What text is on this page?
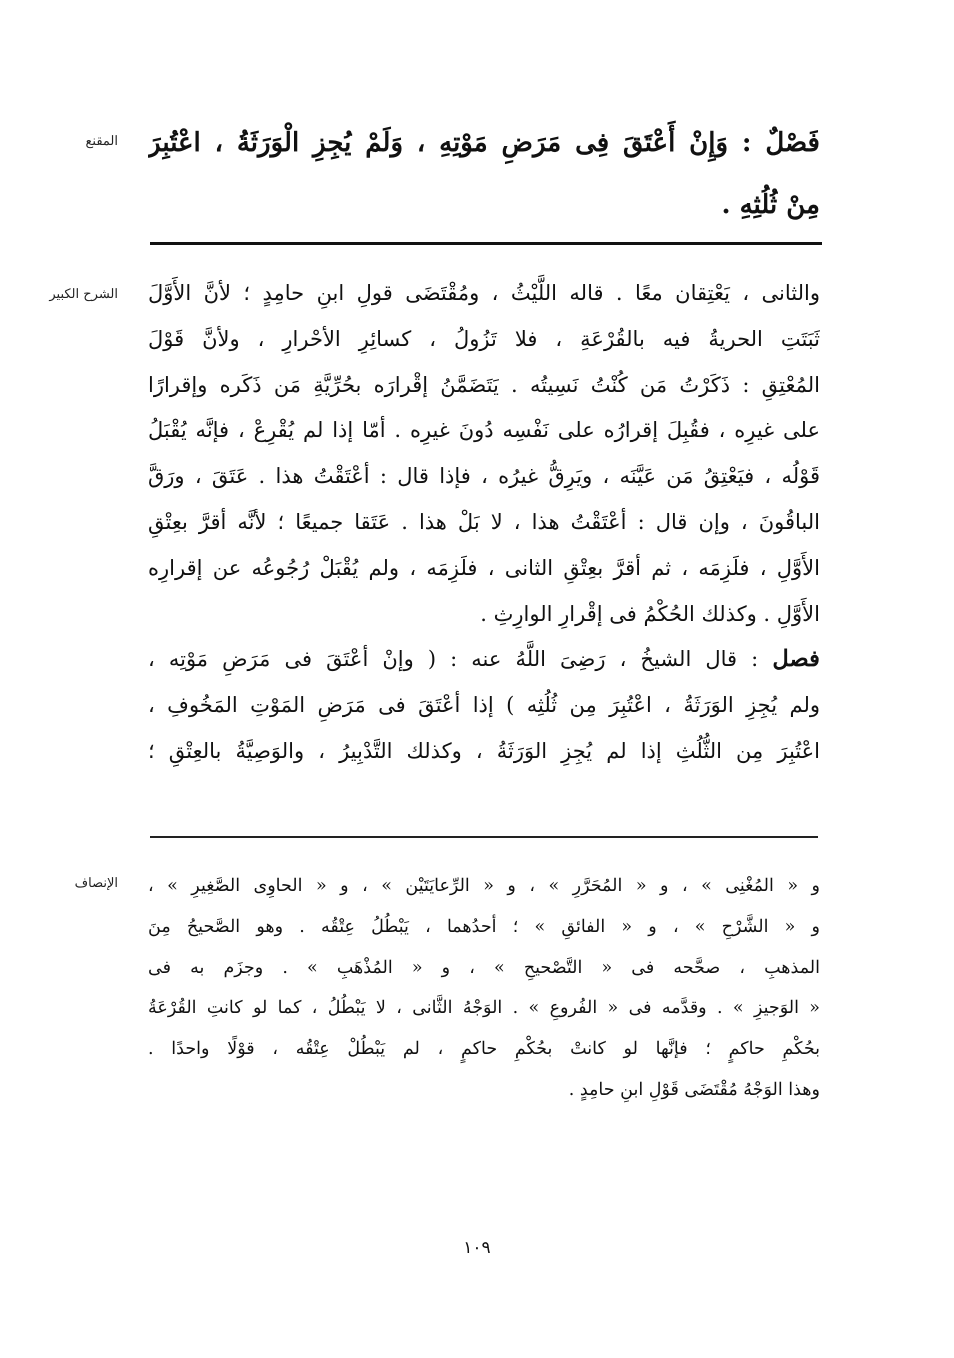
المقنع فَصْلٌ : وَإِنْ أَعْتَقَ فِى مَرَضِ مَوْتِهِ ، وَلَمْ يُجِزِ الْوَرَثَةُ ، اعْتُبِرَ
مِنْ ثُلُثِهِ .
الشرح الكبير والثانى ، يَعْتِقان معًا . قاله اللَّيْثُ ، ومُقْتَضَى قولِ ابنِ حامِدٍ ؛ لأنَّ الأَوَّلَ
ثَبَتَتِ الحريةُ فيه بالقُرْعَةِ ، فلا تَزُولُ ، كسائِرِ الأحْرارِ ، ولأنَّ قَوْلَ
المُعْتِقِ : ذَكَرْتُ مَن كُنْتُ نَسِيتُه . يَتَضَمَّنُ إقْرارَه بحُرِّيَّةِ مَن ذَكَره وإقرارًا
على غيرِه ، فقُبِلَ إقرارُه على نَفْسِه دُونَ غيرِه . أمّا إذا لم يُقْرِعْ ، فإنَّه يُقْبَلُ
قَوْلُه ، فيَعْتِقُ مَن عَيَّنَه ، ويَرِقُّ غيرُه ، فإذا قال : أعْتَقْتُ هذا . عَتَقَ ، ورَقَّ
الباقُونَ ، وإن قال : أعْتَقْتُ هذا ، لا بَلْ هذا . عَتَقا جميعًا ؛ لأنَّه أقرَّ بعِتْقِ
الأَوَّلِ ، فلَزِمَه ، ثم أقرَّ بعِتْقِ الثانى ، فلَزِمَه ، ولم يُقْبَلْ رُجُوعُه عن إقرارِه
الأَوَّلِ . وكذلك الحُكْمُ فى إقْرارِ الوارِثِ .
فصل : قال الشيخُ ، رَضِىَ اللَّهُ عنه : ( وإنْ أعْتَقَ فى مَرَضِ مَوْتِه ،
ولم يُجِزِ الوَرَثَةُ ، اعْتُبِرَ مِن ثُلُثِه ) إذا أعْتَقَ فى مَرَضِ المَوْتِ المَخُوفِ ،
اعْتُبِرَ مِن الثُّلُثِ إذا لم يُجِزِ الوَرَثَةُ ، وكذلك التَّدْبِيرُ ، والوَصِيَّةُ بالعِتْقِ ؛
الإنصاف و « المُغْنِى » ، و « المُحَرَّرِ » ، و « الرِّعايَتَيْن » ، و « الحاوِى الصَّغِيرِ » ،
و « الشَّرْحِ » ، و « الفائقِ » ؛ أحدُهما ، يَبْطُلُ عِتْقُه . وهو الصَّحيحُ مِنَ
المذهبِ ، صحَّحه فى « التَّصْحيحِ » ، و « المُذْهَبِ » . وجزَم به فى
« الوَجيزِ » . وقدَّمه فى « الفُروعِ » . الوَجْهُ الثَّانى ، لا يَبْطُلُ ، كما لو كانتِ القُرْعَةُ
بحُكْمِ حاكمٍ ؛ فإنَّها لو كانتْ بحُكْمِ حاكمٍ ، لم يَبْطُلْ عِتْقُه ، قوْلًا واحدًا .
وهذا الوَجْهُ مُقْتَضَى قَوْلِ ابنِ حامِدٍ .
١٠٩
